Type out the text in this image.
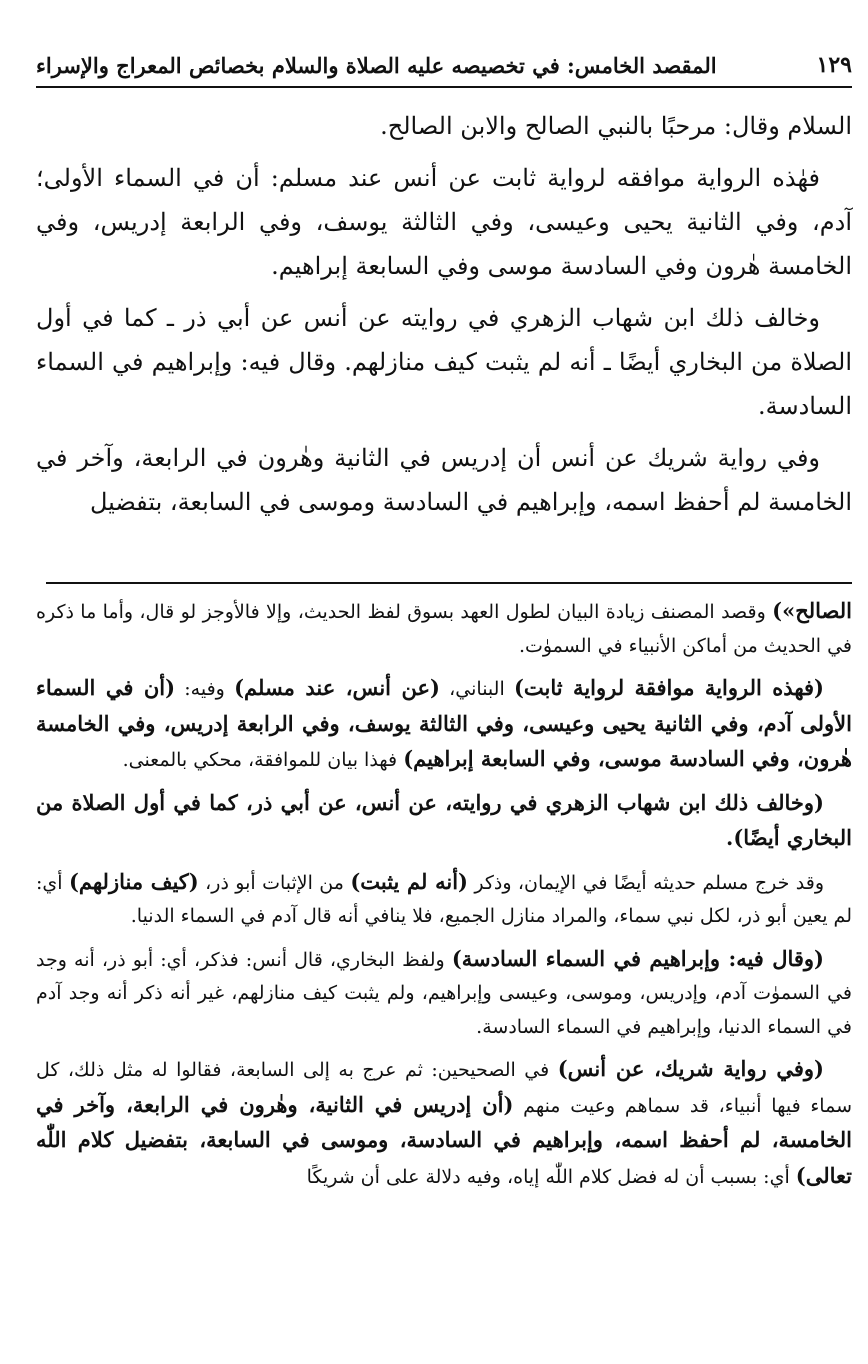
المقصد الخامس: في تخصيصه عليه الصلاة والسلام بخصائص المعراج والإسراء	١٢٩

السلام وقال: مرحبًا بالنبي الصالح والابن الصالح.

فهٰذه الرواية موافقه لرواية ثابت عن أنس عند مسلم: أن في السماء الأولى؛ آدم، وفي الثانية يحيى وعيسى، وفي الثالثة يوسف، وفي الرابعة إدريس، وفي الخامسة هٰرون وفي السادسة موسى وفي السابعة إبراهيم.

وخالف ذلك ابن شهاب الزهري في روايته عن أنس عن أبي ذر ـ كما في أول الصلاة من البخاري أيضًا ـ أنه لم يثبت كيف منازلهم. وقال فيه: وإبراهيم في السماء السادسة.

وفي رواية شريك عن أنس أن إدريس في الثانية وهٰرون في الرابعة، وآخر في الخامسة لم أحفظ اسمه، وإبراهيم في السادسة وموسى في السابعة، بتفضيل

الصالح») وقصد المصنف زيادة البيان لطول العهد بسوق لفظ الحديث، وإلا فالأوجز لو قال، وأما ما ذكره في الحديث من أماكن الأنبياء في السموٰت.

(فهذه الرواية موافقة لرواية ثابت) البناني، (عن أنس، عند مسلم) وفيه: (أن في السماء الأولى آدم، وفي الثانية يحيى وعيسى، وفي الثالثة يوسف، وفي الرابعة إدريس، وفي الخامسة هٰرون، وفي السادسة موسى، وفي السابعة إبراهيم) فهذا بيان للموافقة، محكي بالمعنى.

(وخالف ذلك ابن شهاب الزهري في روايته، عن أنس، عن أبي ذر، كما في أول الصلاة من البخاري أيضًا).

وقد خرج مسلم حديثه أيضًا في الإيمان، وذكر (أنه لم يثبت) من الإثبات أبو ذر، (كيف منازلهم) أي: لم يعين أبو ذر، لكل نبي سماء، والمراد منازل الجميع، فلا ينافي أنه قال آدم في السماء الدنيا.

(وقال فيه: وإبراهيم في السماء السادسة) ولفظ البخاري، قال أنس: فذكر، أي: أبو ذر، أنه وجد في السموٰت آدم، وإدريس، وموسى، وعيسى وإبراهيم، ولم يثبت كيف منازلهم، غير أنه ذكر أنه وجد آدم في السماء الدنيا، وإبراهيم في السماء السادسة.

(وفي رواية شريك، عن أنس) في الصحيحين: ثم عرج به إلى السابعة، فقالوا له مثل ذلك، كل سماء فيها أنبياء، قد سماهم وعيت منهم (أن إدريس في الثانية، وهٰرون في الرابعة، وآخر في الخامسة، لم أحفظ اسمه، وإبراهيم في السادسة، وموسى في السابعة، بتفضيل كلام اللّٰه تعالى) أي: بسبب أن له فضل كلام اللّٰه إياه، وفيه دلالة على أن شريكًا
